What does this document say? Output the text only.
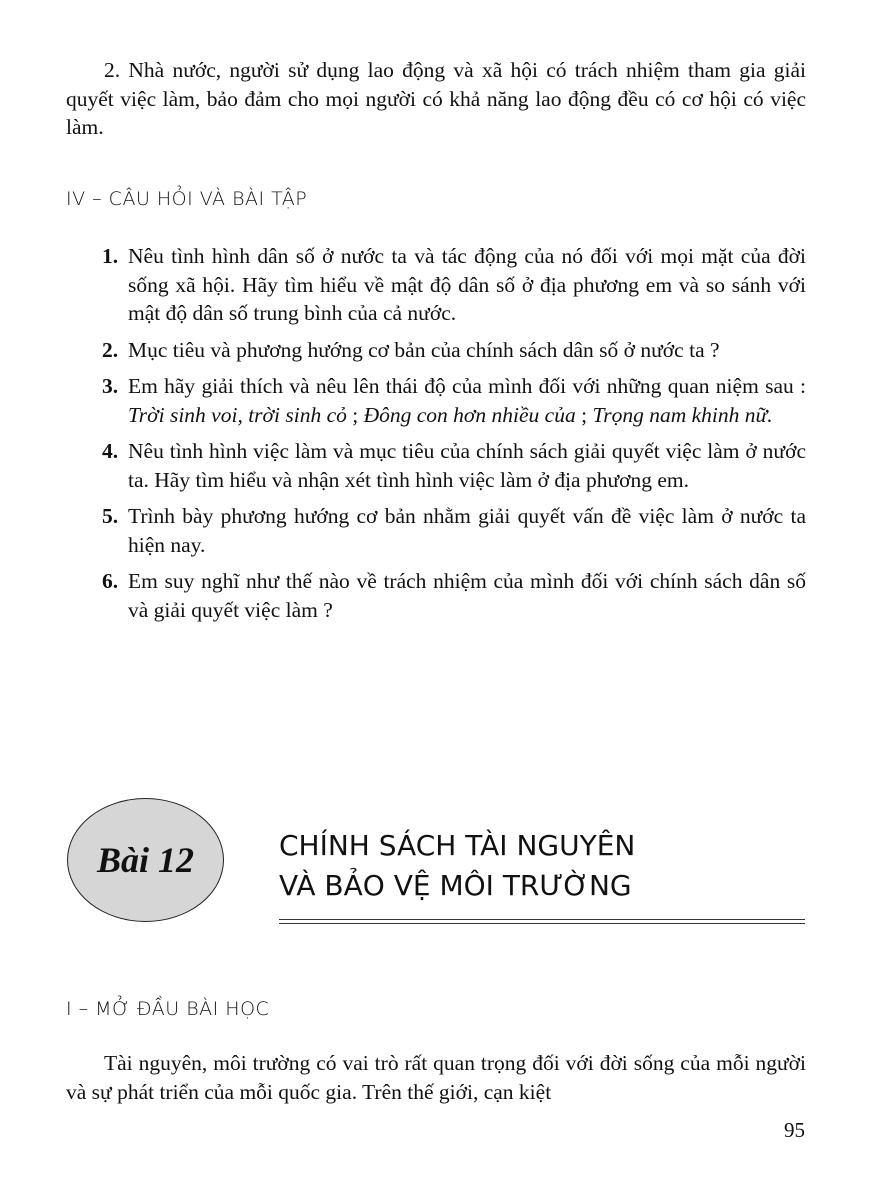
2. Nhà nước, người sử dụng lao động và xã hội có trách nhiệm tham gia giải quyết việc làm, bảo đảm cho mọi người có khả năng lao động đều có cơ hội có việc làm.

IV – CÂU HỎI VÀ BÀI TẬP
1. Nêu tình hình dân số ở nước ta và tác động của nó đối với mọi mặt của đời sống xã hội. Hãy tìm hiểu về mật độ dân số ở địa phương em và so sánh với mật độ dân số trung bình của cả nước.
2. Mục tiêu và phương hướng cơ bản của chính sách dân số ở nước ta ?
3. Em hãy giải thích và nêu lên thái độ của mình đối với những quan niệm sau : Trời sinh voi, trời sinh cỏ ; Đông con hơn nhiều của ; Trọng nam khinh nữ.
4. Nêu tình hình việc làm và mục tiêu của chính sách giải quyết việc làm ở nước ta. Hãy tìm hiểu và nhận xét tình hình việc làm ở địa phương em.
5. Trình bày phương hướng cơ bản nhằm giải quyết vấn đề việc làm ở nước ta hiện nay.
6. Em suy nghĩ như thế nào về trách nhiệm của mình đối với chính sách dân số và giải quyết việc làm ?
Bài 12	CHÍNH SÁCH TÀI NGUYÊN
VÀ BẢO VỆ MÔI TRƯỜNG
I – MỞ ĐẦU BÀI HỌC

Tài nguyên, môi trường có vai trò rất quan trọng đối với đời sống của mỗi người và sự phát triển của mỗi quốc gia. Trên thế giới, cạn kiệt

95
